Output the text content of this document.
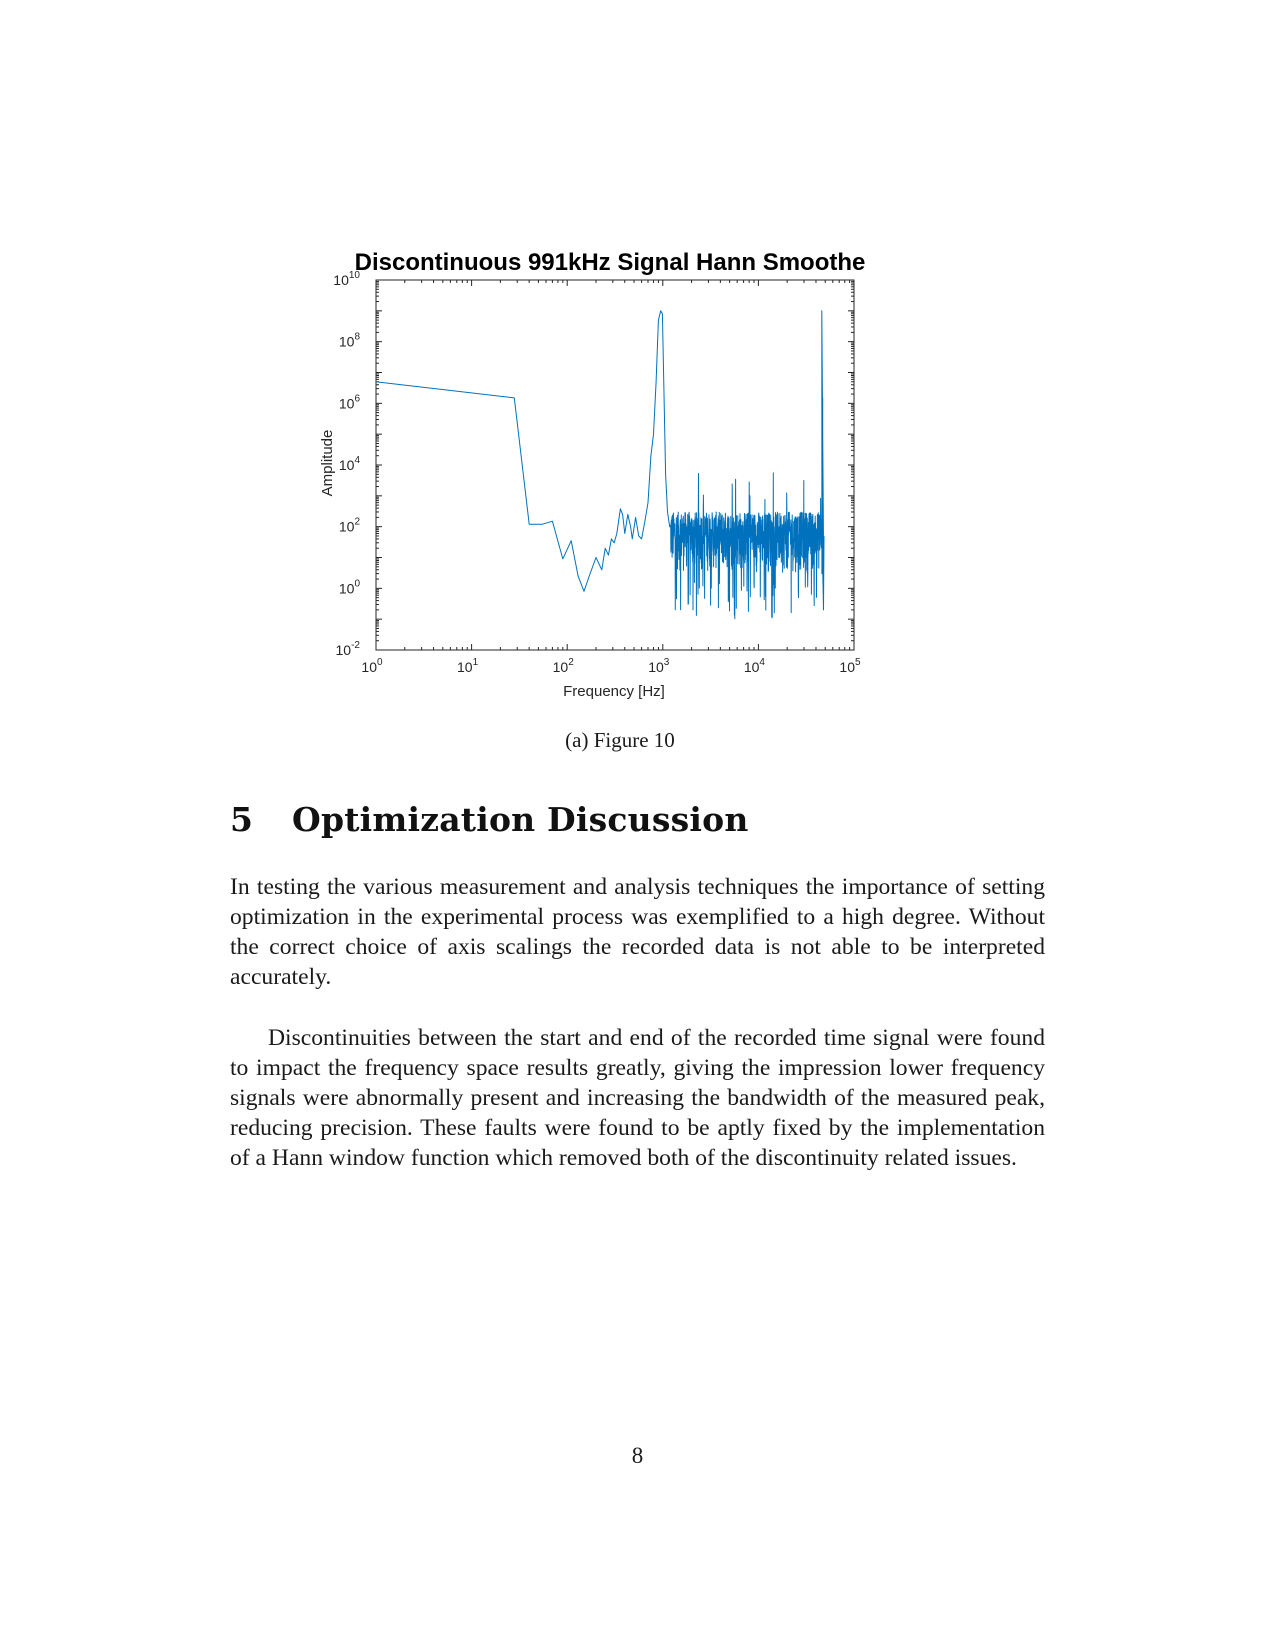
Discontinuous 991kHz Signal Hann Smoothe
Amplitude
Frequency [Hz]
$10^0$	$10^1$	$10^2$	$10^3$	$10^4$	$10^5$
$10^{-2}$
$10^0$
$10^2$
$10^4$
$10^6$
$10^8$
$10^{10}$
(a) Figure 10
5 Optimization Discussion

In testing the various measurement and analysis techniques the importance of setting optimization in the experimental process was exemplified to a high degree. Without the correct choice of axis scalings the recorded data is not able to be interpreted accurately.

Discontinuities between the start and end of the recorded time signal were found to impact the frequency space results greatly, giving the impression lower frequency signals were abnormally present and increasing the bandwidth of the measured peak, reducing precision. These faults were found to be aptly fixed by the implementation of a Hann window function which removed both of the discontinuity related issues.

8
